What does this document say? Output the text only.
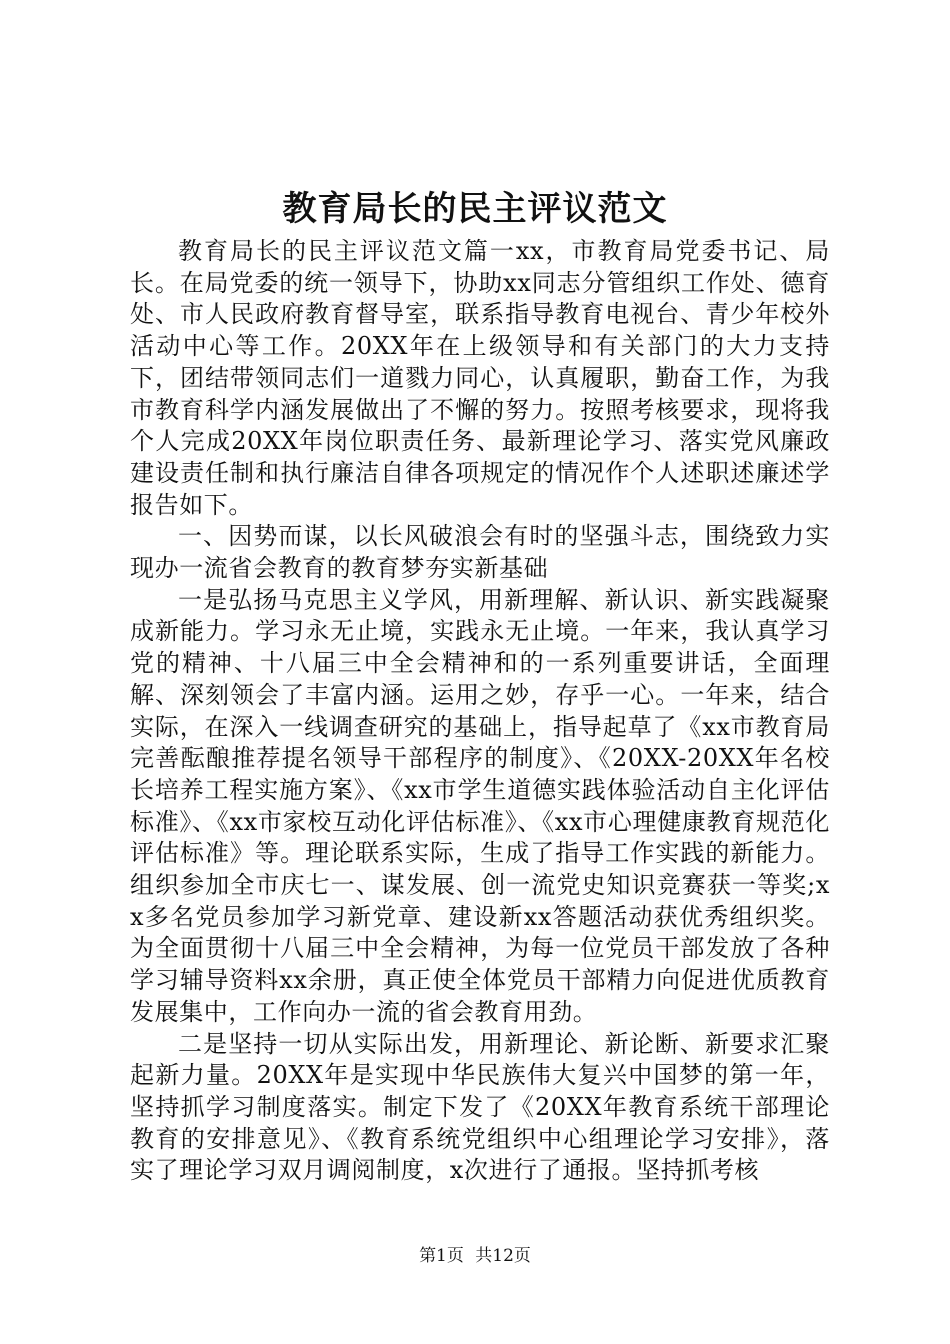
教育局长的民主评议范文

教育局长的民主评议范文篇一xx，市教育局党委书记、局长。在局党委的统一领导下，协助xx同志分管组织工作处、德育处、市人民政府教育督导室，联系指导教育电视台、青少年校外活动中心等工作。20XX年在上级领导和有关部门的大力支持下，团结带领同志们一道戮力同心，认真履职，勤奋工作，为我市教育科学内涵发展做出了不懈的努力。按照考核要求，现将我个人完成20XX年岗位职责任务、最新理论学习、落实党风廉政建设责任制和执行廉洁自律各项规定的情况作个人述职述廉述学报告如下。

一、因势而谋，以长风破浪会有时的坚强斗志，围绕致力实现办一流省会教育的教育梦夯实新基础

一是弘扬马克思主义学风，用新理解、新认识、新实践凝聚成新能力。学习永无止境，实践永无止境。一年来，我认真学习党的精神、十八届三中全会精神和的一系列重要讲话，全面理解、深刻领会了丰富内涵。运用之妙，存乎一心。一年来，结合实际，在深入一线调查研究的基础上，指导起草了《xx市教育局完善酝酿推荐提名领导干部程序的制度》、《20XX-20XX年名校长培养工程实施方案》、《xx市学生道德实践体验活动自主化评估标准》、《xx市家校互动化评估标准》、《xx市心理健康教育规范化评估标准》等。理论联系实际，生成了指导工作实践的新能力。组织参加全市庆七一、谋发展、创一流党史知识竞赛获一等奖;xx多名党员参加学习新党章、建设新xx答题活动获优秀组织奖。为全面贯彻十八届三中全会精神，为每一位党员干部发放了各种学习辅导资料xx余册，真正使全体党员干部精力向促进优质教育发展集中，工作向办一流的省会教育用劲。

二是坚持一切从实际出发，用新理论、新论断、新要求汇聚起新力量。20XX年是实现中华民族伟大复兴中国梦的第一年，坚持抓学习制度落实。制定下发了《20XX年教育系统干部理论教育的安排意见》、《教育系统党组织中心组理论学习安排》，落实了理论学习双月调阅制度，x次进行了通报。坚持抓考核

第1页 共12页
